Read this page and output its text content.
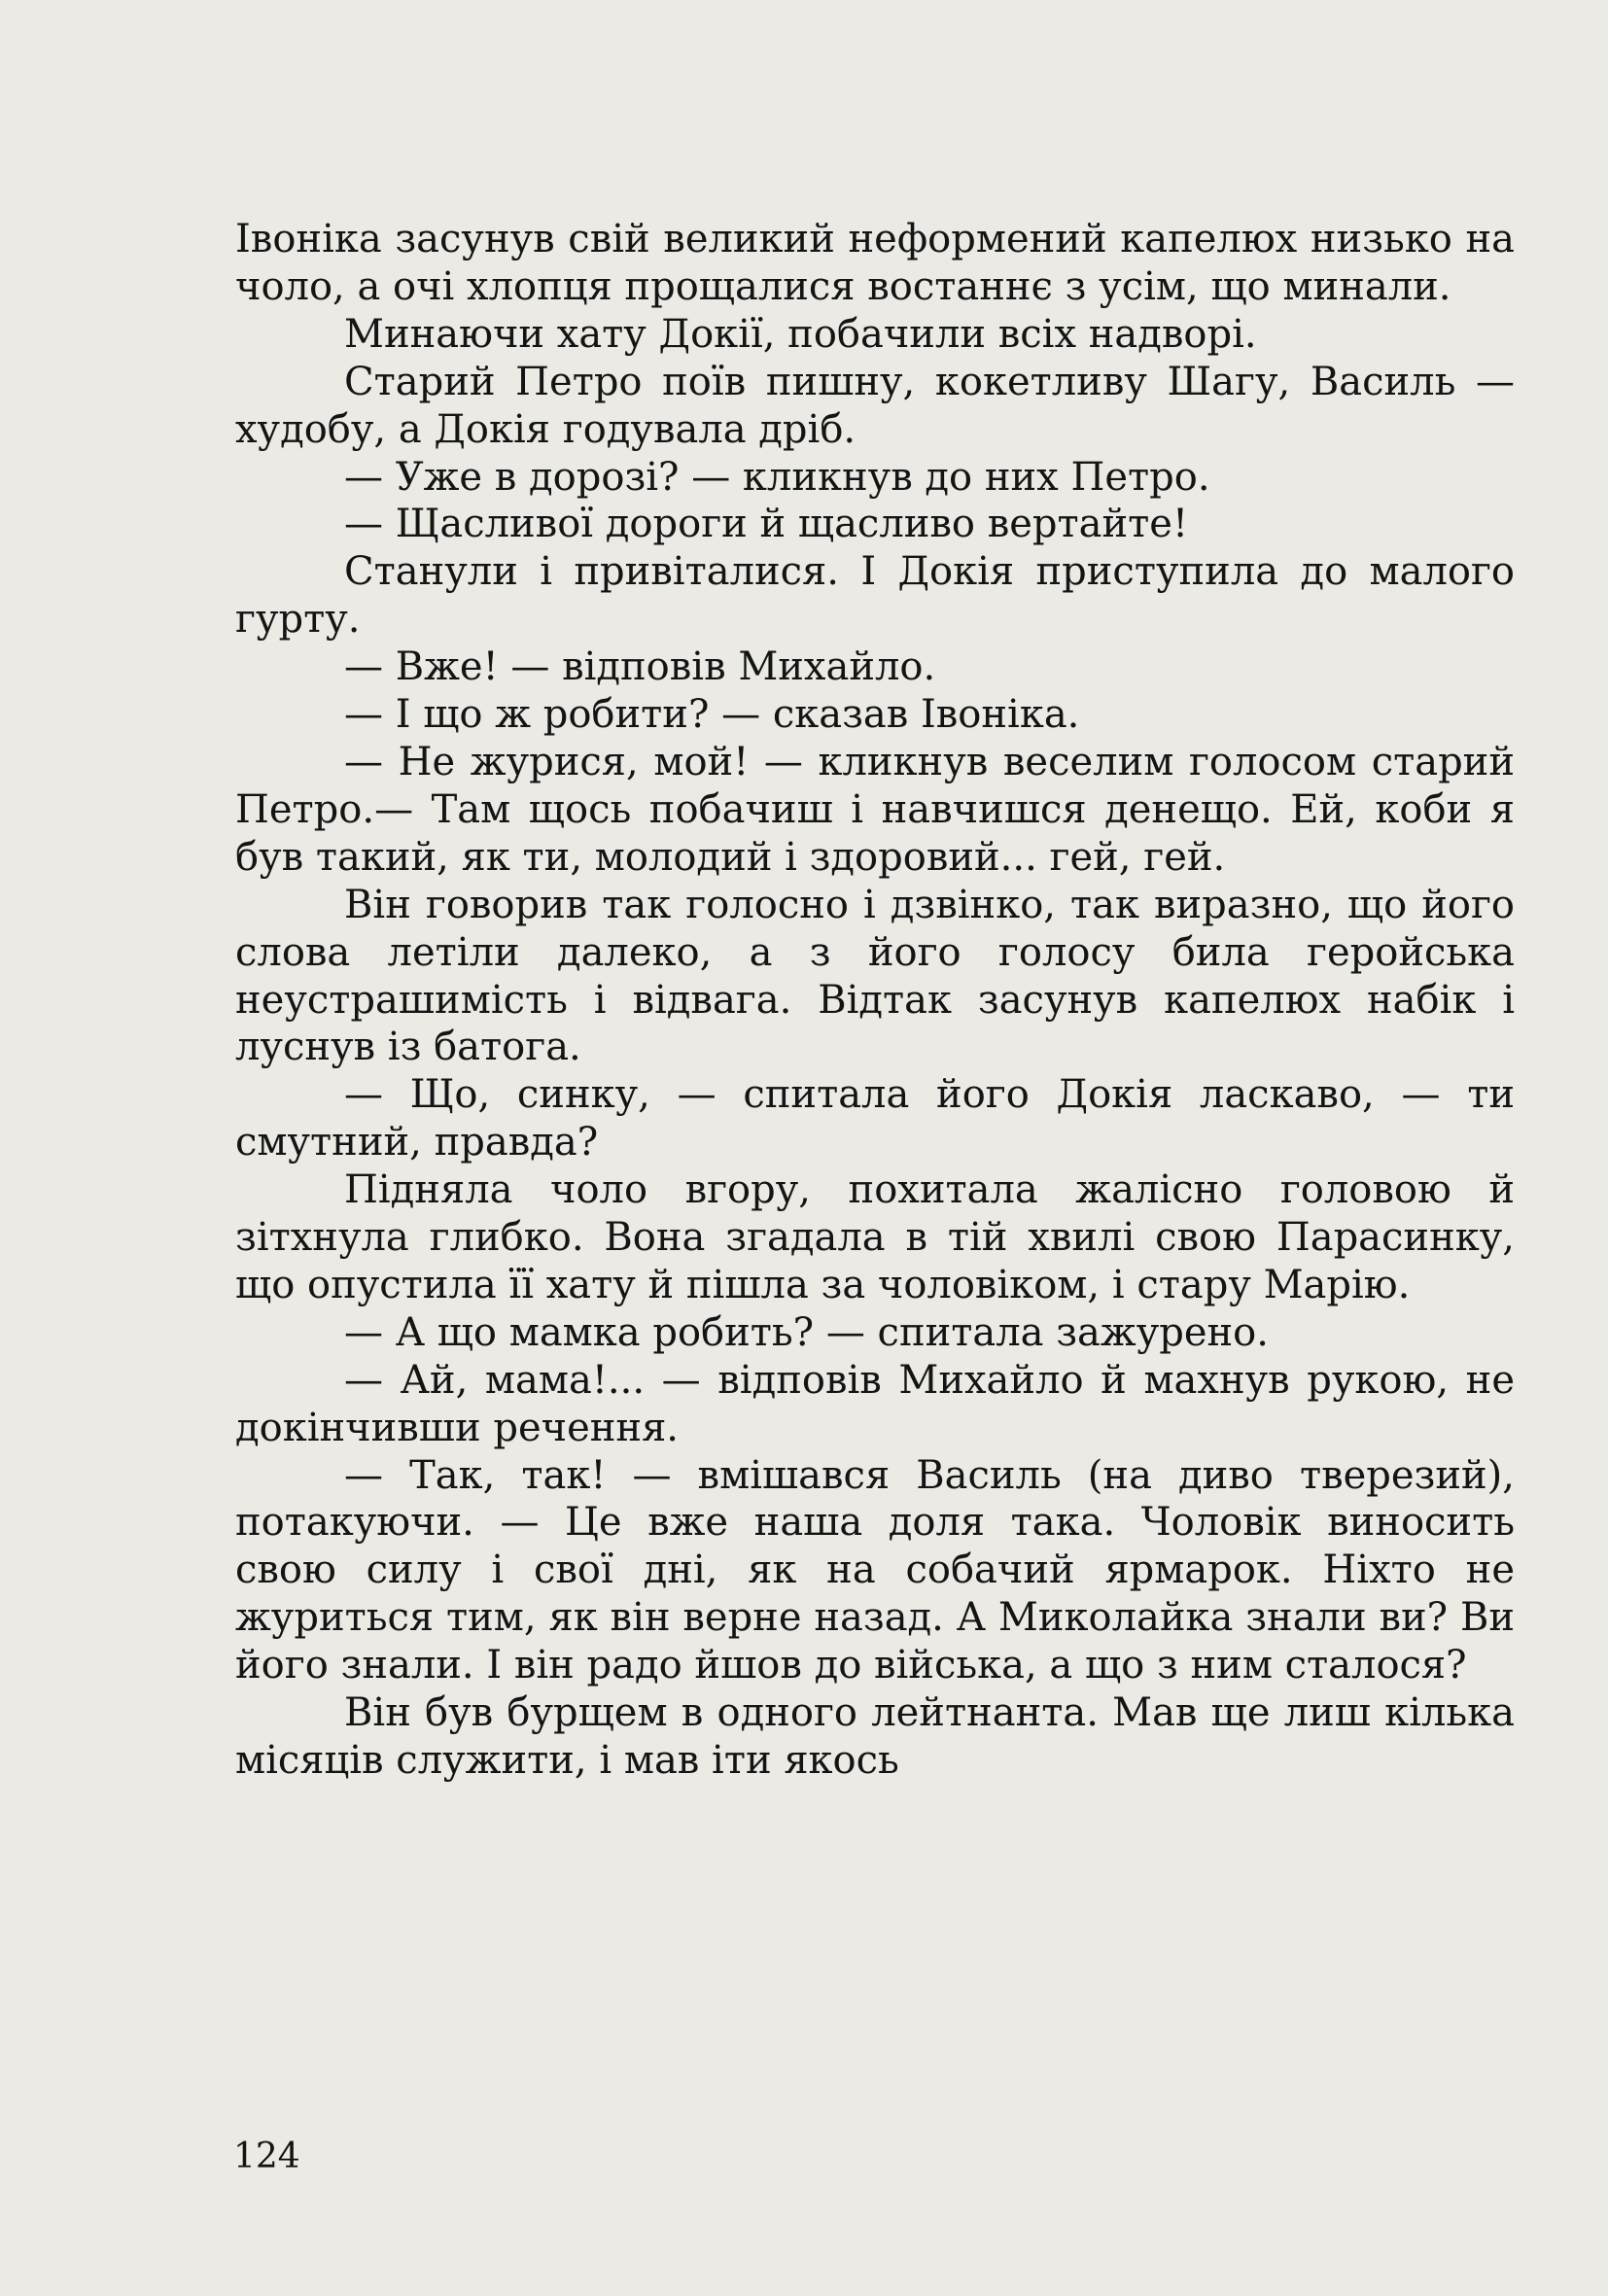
Івоніка засунув свій великий неформений капелюх низько на чоло, а очі хлопця прощалися востаннє з усім, що минали.

Минаючи хату Докії, побачили всіх надворі.

Старий Петро поїв пишну, кокетливу Шагу, Василь — худобу, а Докія годувала дріб.

— Уже в дорозі? — кликнув до них Петро.

— Щасливої дороги й щасливо вертайте!

Станули і привіталися. І Докія приступила до малого гурту.

— Вже! — відповів Михайло.

— І що ж робити? — сказав Івоніка.

— Не журися, мой! — кликнув веселим голосом старий Петро.— Там щось побачиш і навчишся денещо. Ей, коби я був такий, як ти, молодий і здоровий... гей, гей.

Він говорив так голосно і дзвінко, так виразно, що його слова летіли далеко, а з його голосу била геройська неустрашимість і відвага. Відтак засунув капелюх набік і луснув із батога.

— Що, синку, — спитала його Докія ласкаво, — ти смутний, правда?

Підняла чоло вгору, похитала жалісно головою й зітхнула глибко. Вона згадала в тій хвилі свою Парасинку, що опустила її хату й пішла за чоловіком, і стару Марію.

— А що мамка робить? — спитала зажурено.

— Ай, мама!... — відповів Михайло й махнув рукою, не докінчивши речення.

— Так, так! — вмішався Василь (на диво тверезий), потакуючи. — Це вже наша доля така. Чоловік виносить свою силу і свої дні, як на собачий ярмарок. Ніхто не журиться тим, як він верне назад. А Миколайка знали ви? Ви його знали. І він радо йшов до війська, а що з ним сталося?

Він був бурщем в одного лейтнанта. Мав ще лиш кілька місяців служити, і мав іти якось

124
